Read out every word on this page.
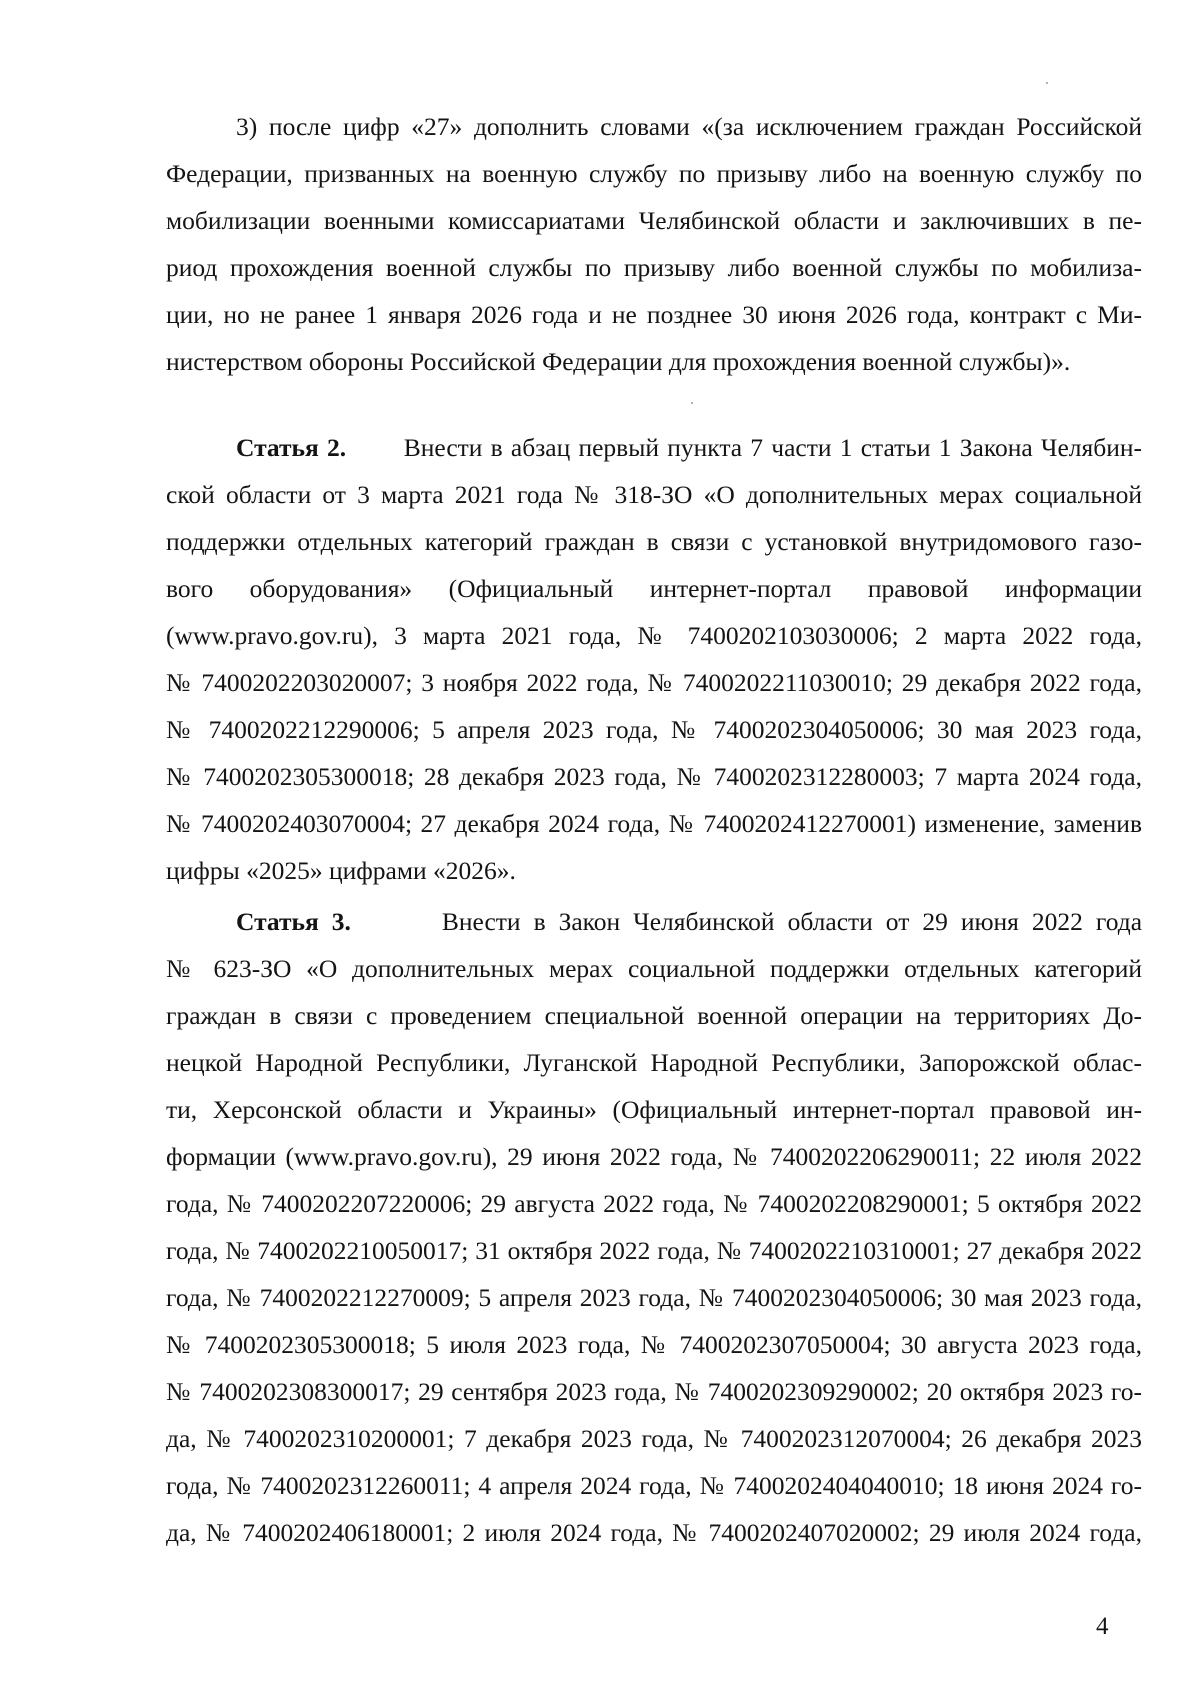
3) после цифр «27» дополнить словами «(за исключением граждан Российской
Федерации, призванных на военную службу по призыву либо на военную службу по
мобилизации военными комиссариатами Челябинской области и заключивших в пе-
риод прохождения военной службы по призыву либо военной службы по мобилиза-
ции, но не ранее 1 января 2026 года и не позднее 30 июня 2026 года, контракт с Ми-
нистерством обороны Российской Федерации для прохождения военной службы)».
Статья 2. Внести в абзац первый пункта 7 части 1 статьи 1 Закона Челябин-
ской области от 3 марта 2021 года № 318-ЗО «О дополнительных мерах социальной
поддержки отдельных категорий граждан в связи с установкой внутридомового газо-
вого оборудования» (Официальный интернет-портал правовой информации
(www.pravo.gov.ru), 3 марта 2021 года, № 7400202103030006; 2 марта 2022 года,
№ 7400202203020007; 3 ноября 2022 года, № 7400202211030010; 29 декабря 2022 года,
№ 7400202212290006; 5 апреля 2023 года, № 7400202304050006; 30 мая 2023 года,
№ 7400202305300018; 28 декабря 2023 года, № 7400202312280003; 7 марта 2024 года,
№ 7400202403070004; 27 декабря 2024 года, № 7400202412270001) изменение, заменив
цифры «2025» цифрами «2026».
Статья 3.	Внести в Закон Челябинской области от 29 июня 2022 года
№ 623-ЗО «О дополнительных мерах социальной поддержки отдельных категорий
граждан в связи с проведением специальной военной операции на территориях До-
нецкой Народной Республики, Луганской Народной Республики, Запорожской облас-
ти, Херсонской области и Украины» (Официальный интернет-портал правовой ин-
формации (www.pravo.gov.ru), 29 июня 2022 года, № 7400202206290011; 22 июля 2022
года, № 7400202207220006; 29 августа 2022 года, № 7400202208290001; 5 октября 2022
года, № 7400202210050017; 31 октября 2022 года, № 7400202210310001; 27 декабря 2022
года, № 7400202212270009; 5 апреля 2023 года, № 7400202304050006; 30 мая 2023 года,
№ 7400202305300018; 5 июля 2023 года, № 7400202307050004; 30 августа 2023 года,
№ 7400202308300017; 29 сентября 2023 года, № 7400202309290002; 20 октября 2023 го-
да, № 7400202310200001; 7 декабря 2023 года, № 7400202312070004; 26 декабря 2023
года, № 7400202312260011; 4 апреля 2024 года, № 7400202404040010; 18 июня 2024 го-
да, № 7400202406180001; 2 июля 2024 года, № 7400202407020002; 29 июля 2024 года,
4
